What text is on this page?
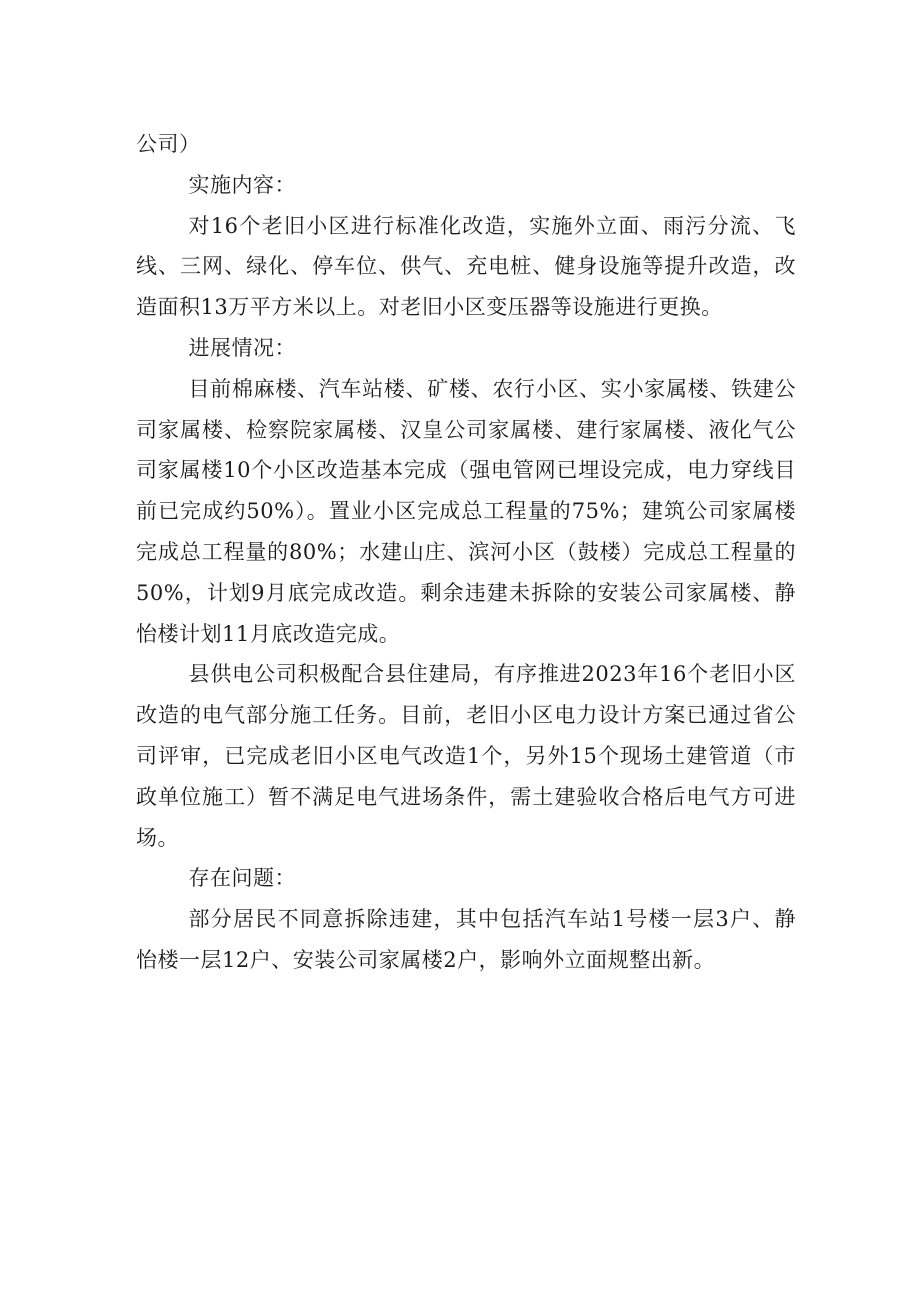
公司）

实施内容：

对16个老旧小区进行标准化改造，实施外立面、雨污分流、飞线、三网、绿化、停车位、供气、充电桩、健身设施等提升改造，改造面积13万平方米以上。对老旧小区变压器等设施进行更换。

进展情况：

目前棉麻楼、汽车站楼、矿楼、农行小区、实小家属楼、铁建公司家属楼、检察院家属楼、汉皇公司家属楼、建行家属楼、液化气公司家属楼10个小区改造基本完成（强电管网已埋设完成，电力穿线目前已完成约50%）。置业小区完成总工程量的75%；建筑公司家属楼完成总工程量的80%；水建山庄、滨河小区（鼓楼）完成总工程量的50%，计划9月底完成改造。剩余违建未拆除的安装公司家属楼、静怡楼计划11月底改造完成。

县供电公司积极配合县住建局，有序推进2023年16个老旧小区改造的电气部分施工任务。目前，老旧小区电力设计方案已通过省公司评审，已完成老旧小区电气改造1个，另外15个现场土建管道（市政单位施工）暂不满足电气进场条件，需土建验收合格后电气方可进场。

存在问题：

部分居民不同意拆除违建，其中包括汽车站1号楼一层3户、静怡楼一层12户、安装公司家属楼2户，影响外立面规整出新。
